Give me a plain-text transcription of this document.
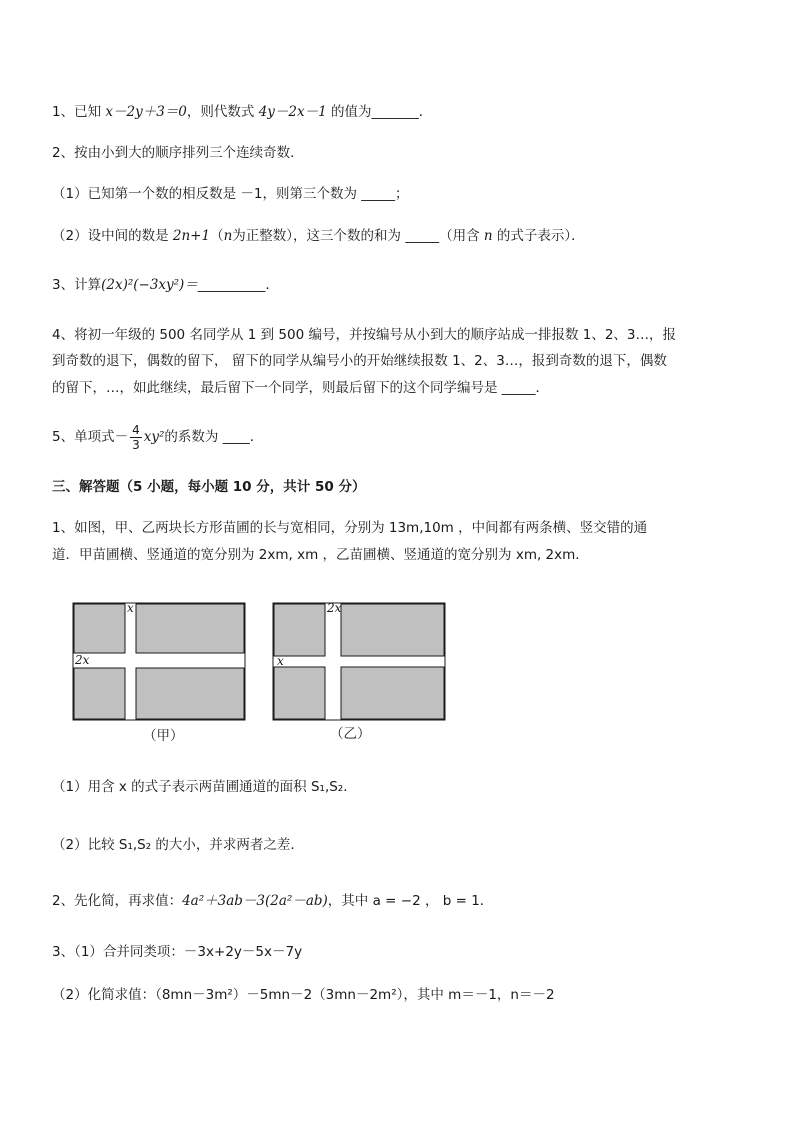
1、已知 x－2y＋3＝0，则代数式 4y－2x－1 的值为_______．
2、按由小到大的顺序排列三个连续奇数．
（1）已知第一个数的相反数是 －1，则第三个数为 _____；
（2）设中间的数是 2n+1（n为正整数），这三个数的和为 _____（用含 n 的式子表示）．
3、计算(2x)²(−3xy²)＝__________．
4、将初一年级的 500 名同学从 1 到 500 编号，并按编号从小到大的顺序站成一排报数 1、2、3…，报
到奇数的退下，偶数的留下， 留下的同学从编号小的开始继续报数 1、2、3…，报到奇数的退下，偶数
的留下，…，如此继续，最后留下一个同学，则最后留下的这个同学编号是 _____．
5、单项式－ $\frac{4}{3} xy^2$的系数为 ____．
三、解答题（5 小题，每小题 10 分，共计 50 分）
1、如图，甲、乙两块长方形苗圃的长与宽相同，分别为 13m,10m ，中间都有两条横、竖交错的通
道．甲苗圃横、竖通道的宽分别为 2xm, xm ，乙苗圃横、竖通道的宽分别为 xm, 2xm．
x
2x
（甲）
2x
x
（乙）
（1）用含 x 的式子表示两苗圃通道的面积 S₁,S₂．
（2）比较 S₁,S₂ 的大小，并求两者之差．
2、先化简，再求值：4a²＋3ab－3(2a²－ab)，其中 a = −2 ， b = 1．
3、（1）合并同类项：－3x+2y－5x－7y
（2）化简求值：（8mn－3m²）－5mn－2（3mn－2m²），其中 m＝－1，n＝－2
